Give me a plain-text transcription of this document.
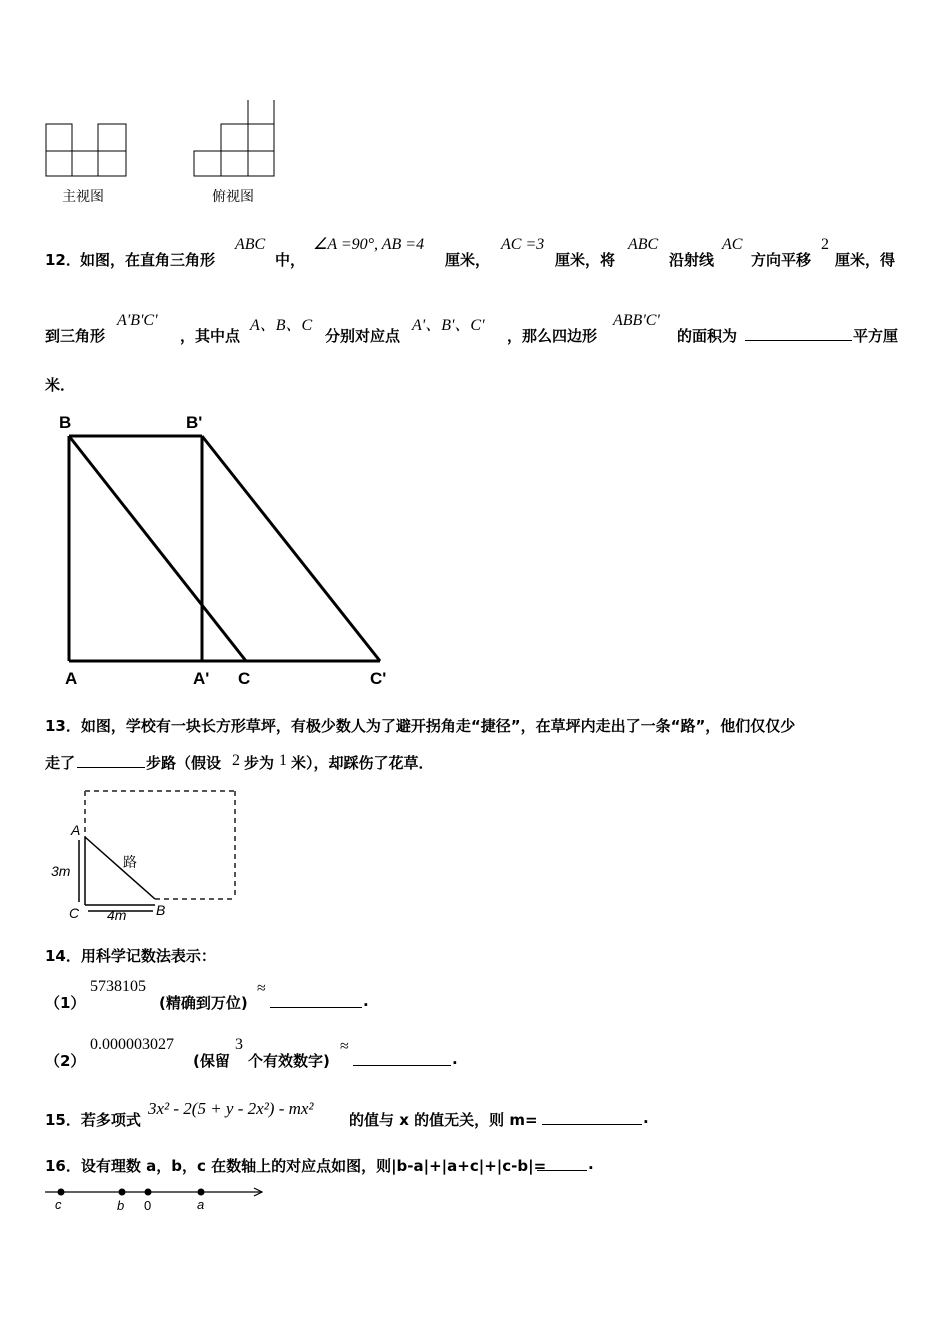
主视图	俯视图
12． 如图，在直角三角形
ABC
中，
∠A =90°, AB =4
厘米，
AC =3
厘米，将
ABC
沿射线
AC
方向平移
2
厘米，得
到三角形
A'B'C'
，其中点
A、B、C
分别对应点
A'、B'、C′
，那么四边形
ABB'C'
的面积为	平方厘
米．
B	B'
A	A' C	C'
13．如图，学校有一块长方形草坪，有极少数人为了避开拐角走“捷径”，在草坪内走出了一条“路”，他们仅仅少
走了	步路（假设 2 步为 1 米），却踩伤了花草．
A
3m
C 4m B
路
14．用科学记数法表示：
（1）
5738105
(精确到万位)
≈
.
（2）
0.000003027
(保留
3
个有效数字)
≈
.
15．若多项式
3x² - 2(5 + y - 2x²) - mx²
的值与 x 的值无关，则 m=	.
16．设有理数 a，b，c 在数轴上的对应点如图，则|b-a|+|a+c|+|c-b|=	.
c	b 0	a
